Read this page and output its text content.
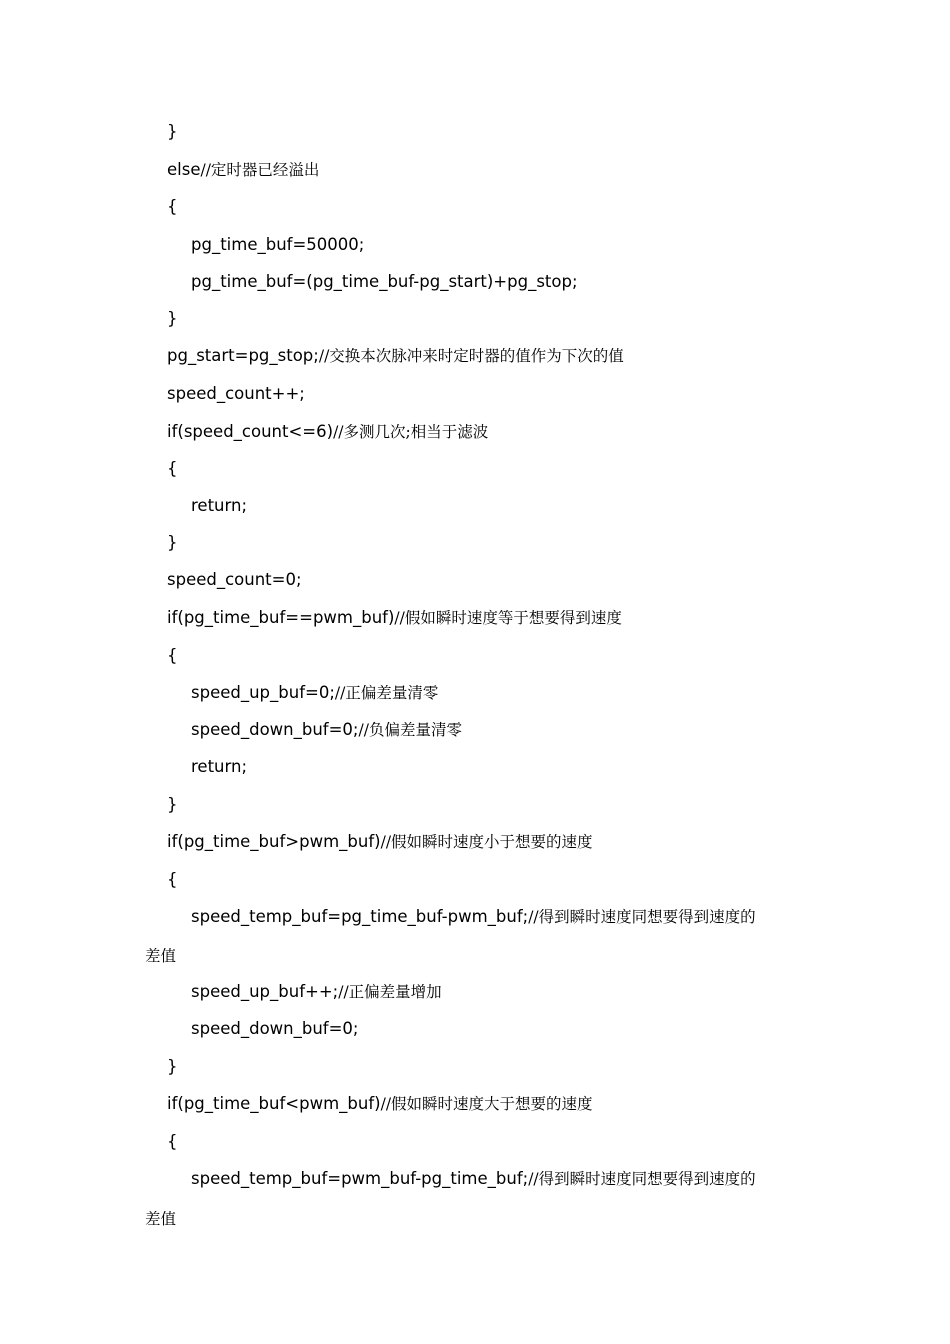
}
else//定时器已经溢出
{
pg_time_buf=50000;
pg_time_buf=(pg_time_buf-pg_start)+pg_stop;
}
pg_start=pg_stop;//交换本次脉冲来时定时器的值作为下次的值
speed_count++;
if(speed_count<=6)//多测几次;相当于滤波
{
return;
}
speed_count=0;
if(pg_time_buf==pwm_buf)//假如瞬时速度等于想要得到速度
{
speed_up_buf=0;//正偏差量清零
speed_down_buf=0;//负偏差量清零
return;
}
if(pg_time_buf>pwm_buf)//假如瞬时速度小于想要的速度
{
speed_temp_buf=pg_time_buf-pwm_buf;//得到瞬时速度同想要得到速度的
差值
speed_up_buf++;//正偏差量增加
speed_down_buf=0;
}
if(pg_time_buf<pwm_buf)//假如瞬时速度大于想要的速度
{
speed_temp_buf=pwm_buf-pg_time_buf;//得到瞬时速度同想要得到速度的
差值
